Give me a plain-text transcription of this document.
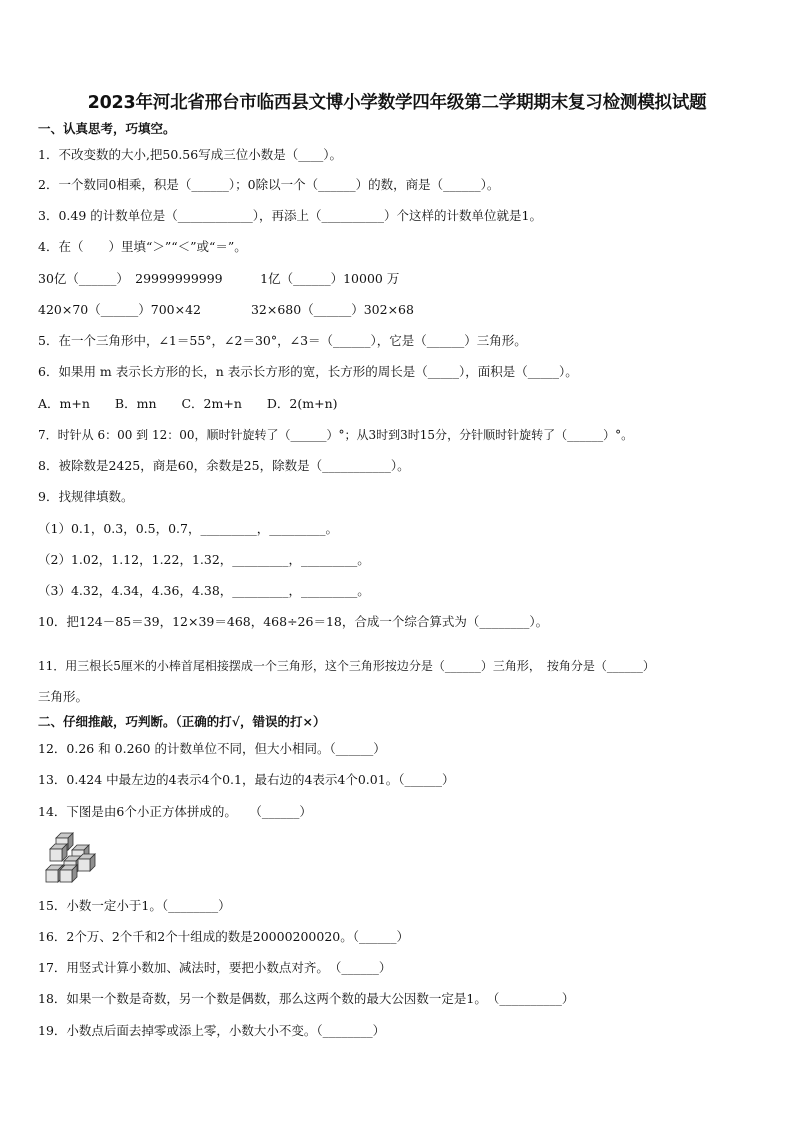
2023年河北省邢台市临西县文博小学数学四年级第二学期期末复习检测模拟试题
一、认真思考，巧填空。
1．不改变数的大小,把50.56写成三位小数是（____）。
2．一个数同0相乘，积是（______）；0除以一个（______）的数，商是（______）。
3．0.49 的计数单位是（____________），再添上（__________）个这样的计数单位就是1。
4．在（　　）里填“＞”“＜”或“＝”。
30亿（______）　29999999999　　　1亿（______）10000 万
420×70（______）700×42　　　　32×680（______）302×68
5．在一个三角形中，∠1＝55°，∠2＝30°，∠3＝（______），它是（______）三角形。
6．如果用 m 表示长方形的长，n 表示长方形的宽，长方形的周长是（_____），面积是（_____）。
A．m+n　　B．mn　　C．2m+n　　D．2(m+n)
7．时针从 6：00 到 12：00，顺时针旋转了（______）°；从3时到3时15分，分针顺时针旋转了（______）°。
8．被除数是2425，商是60，余数是25，除数是（___________）。
9．找规律填数。
（1）0.1，0.3，0.5，0.7，_________，_________。
（2）1.02，1.12，1.22，1.32，_________，_________。
（3）4.32，4.34，4.36，4.38，_________，_________。
10．把124－85＝39，12×39＝468，468÷26＝18，合成一个综合算式为（________）。
11．用三根长5厘米的小棒首尾相接摆成一个三角形，这个三角形按边分是（______）三角形，　按角分是（______）
三角形。
二、仔细推敲，巧判断。（正确的打√，错误的打×）
12．0.26 和 0.260 的计数单位不同，但大小相同。（______）
13．0.424 中最左边的4表示4个0.1，最右边的4表示4个0.01。（______）
14．下图是由6个小正方体拼成的。　　（______）
15．小数一定小于1。（________）
16．2个万、2个千和2个十组成的数是20000200020。（______）
17．用竖式计算小数加、减法时，要把小数点对齐。　（______）
18．如果一个数是奇数，另一个数是偶数，那么这两个数的最大公因数一定是1。　（__________）
19．小数点后面去掉零或添上零，小数大小不变。（________）
